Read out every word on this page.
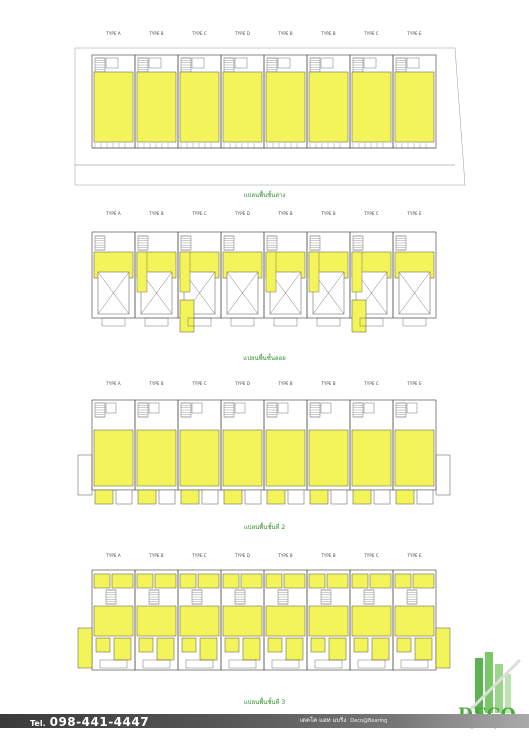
TYPE A	TYPE B	TYPE C	TYPE D	TYPE B	TYPE B	TYPE C	TYPE E
TYPE A	TYPE B	TYPE C	TYPE D	TYPE B	TYPE B	TYPE C	TYPE E
TYPE A	TYPE B	TYPE C	TYPE D	TYPE B	TYPE B	TYPE C	TYPE E
TYPE A	TYPE B	TYPE C	TYPE D	TYPE B	TYPE B	TYPE C	TYPE E
แปลนพื้นชั้นล่าง
แปลนพื้นชั้นลอย
แปลนพื้นชั้นที่ 2
แปลนพื้นชั้นที่ 3
Tel. 098-441-4447	เดคโค แอท แบริ่ง Deco@Bearing
